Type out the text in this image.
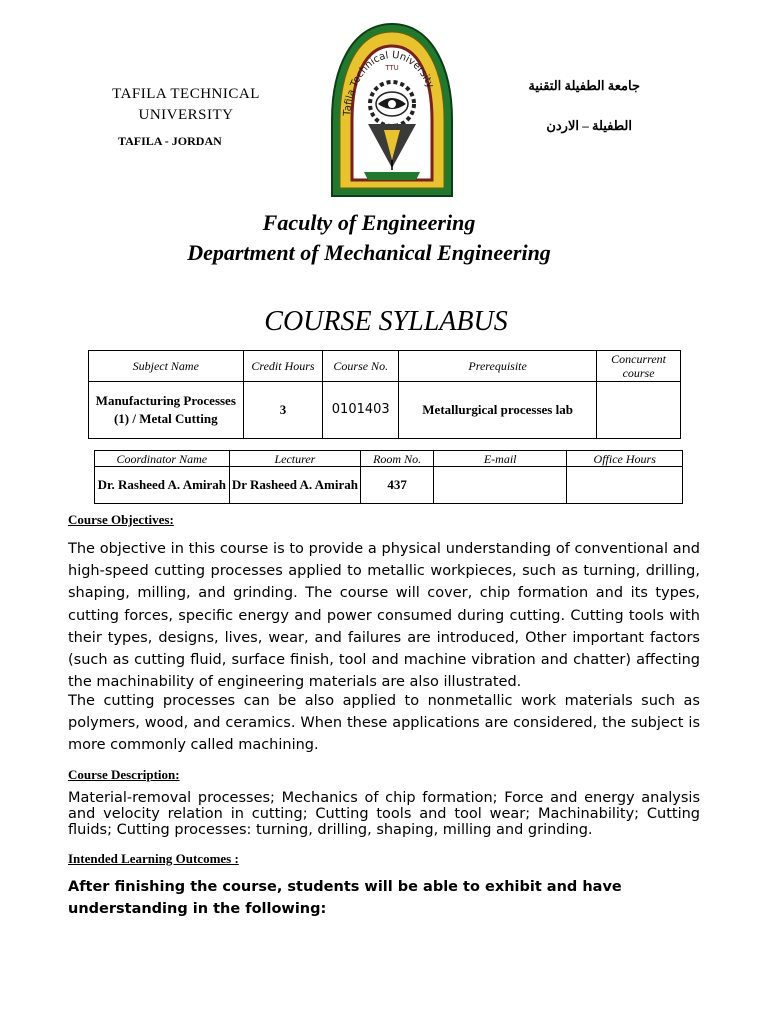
TAFILA TECHNICAL UNIVERSITY
TAFILA - JORDAN
جامعة الطفيلة التقنية
الطفيلة – الاردن
Tafila Technical University
TTU
Faculty of Engineering
Department of Mechanical Engineering
COURSE SYLLABUS
Subject Name	Credit Hours	Course No.	Prerequisite	Concurrent course
Manufacturing Processes (1) / Metal Cutting	3	0101403	Metallurgical processes lab	
Coordinator Name	Lecturer	Room No.	E-mail	Office Hours
Dr. Rasheed A. Amirah	Dr Rasheed A. Amirah	437		
Course Objectives:
The objective in this course is to provide a physical understanding of conventional and high-speed cutting processes applied to metallic workpieces, such as turning, drilling, shaping, milling, and grinding. The course will cover, chip formation and its types, cutting forces, specific energy and power consumed during cutting. Cutting tools with their types, designs, lives, wear, and failures are introduced, Other important factors (such as cutting fluid, surface finish, tool and machine vibration and chatter) affecting the machinability of engineering materials are also illustrated.
The cutting processes can be also applied to nonmetallic work materials such as polymers, wood, and ceramics. When these applications are considered, the subject is more commonly called machining.
Course Description:
Material-removal processes; Mechanics of chip formation; Force and energy analysis and velocity relation in cutting; Cutting tools and tool wear; Machinability; Cutting fluids; Cutting processes: turning, drilling, shaping, milling and grinding.
Intended Learning Outcomes :
After finishing the course, students will be able to exhibit and have understanding in the following:
